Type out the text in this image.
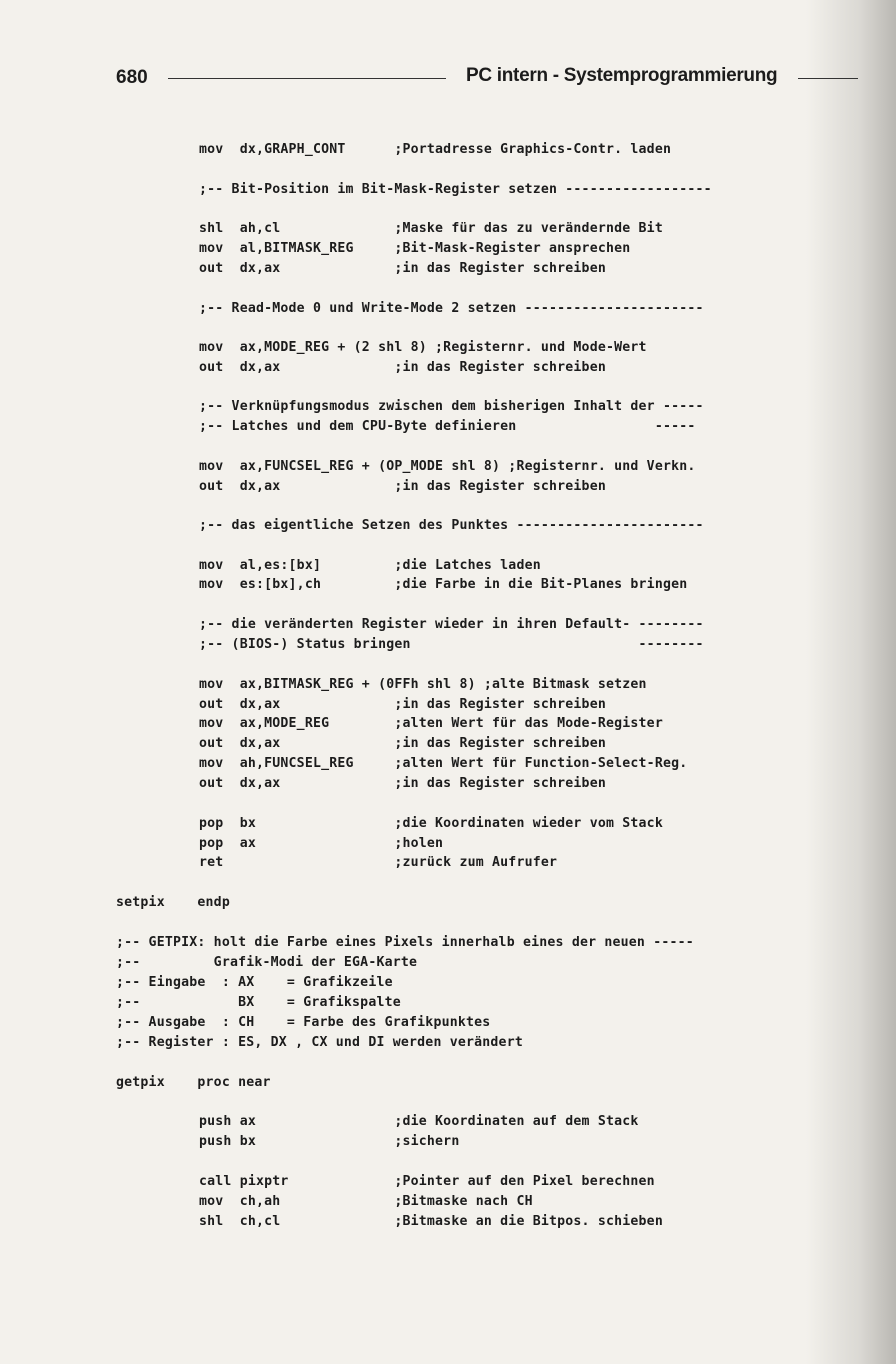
680	PC intern - Systemprogrammierung
mov  dx,GRAPH_CONT      ;Portadresse Graphics-Contr. laden
;-- Bit-Position im Bit-Mask-Register setzen ------------------
shl  ah,cl              ;Maske für das zu verändernde Bit
mov  al,BITMASK_REG     ;Bit-Mask-Register ansprechen
out  dx,ax              ;in das Register schreiben
;-- Read-Mode 0 und Write-Mode 2 setzen ----------------------
mov  ax,MODE_REG + (2 shl 8) ;Registernr. und Mode-Wert
out  dx,ax              ;in das Register schreiben
;-- Verknüpfungsmodus zwischen dem bisherigen Inhalt der -----
;-- Latches und dem CPU-Byte definieren                 -----
mov  ax,FUNCSEL_REG + (OP_MODE shl 8) ;Registernr. und Verkn.
out  dx,ax              ;in das Register schreiben
;-- das eigentliche Setzen des Punktes -----------------------
mov  al,es:[bx]         ;die Latches laden
mov  es:[bx],ch         ;die Farbe in die Bit-Planes bringen
;-- die veränderten Register wieder in ihren Default- --------
;-- (BIOS-) Status bringen                            --------
mov  ax,BITMASK_REG + (0FFh shl 8) ;alte Bitmask setzen
out  dx,ax              ;in das Register schreiben
mov  ax,MODE_REG        ;alten Wert für das Mode-Register
out  dx,ax              ;in das Register schreiben
mov  ah,FUNCSEL_REG     ;alten Wert für Function-Select-Reg.
out  dx,ax              ;in das Register schreiben
pop  bx                 ;die Koordinaten wieder vom Stack
pop  ax                 ;holen
ret                     ;zurück zum Aufrufer
setpix    endp
;-- GETPIX: holt die Farbe eines Pixels innerhalb eines der neuen -----
;--         Grafik-Modi der EGA-Karte
;-- Eingabe  : AX    = Grafikzeile
;--            BX    = Grafikspalte
;-- Ausgabe  : CH    = Farbe des Grafikpunktes
;-- Register : ES, DX , CX und DI werden verändert
getpix    proc near
push ax                 ;die Koordinaten auf dem Stack
push bx                 ;sichern
call pixptr             ;Pointer auf den Pixel berechnen
mov  ch,ah              ;Bitmaske nach CH
shl  ch,cl              ;Bitmaske an die Bitpos. schieben
